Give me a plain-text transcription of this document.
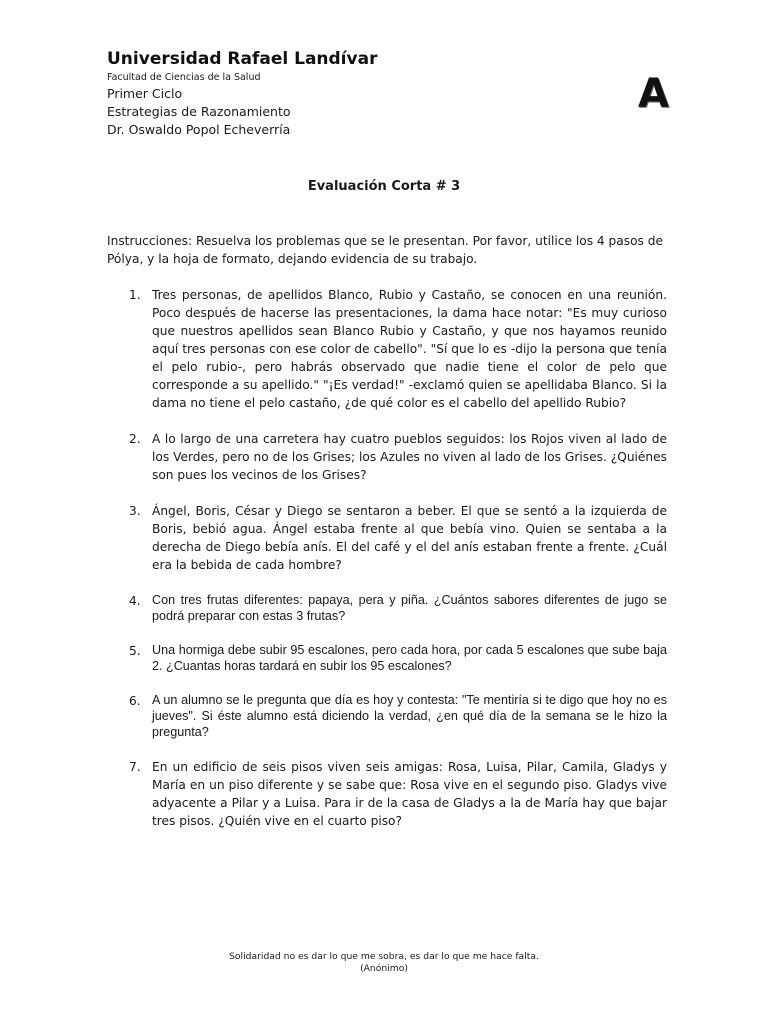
Universidad Rafael Landívar
Facultad de Ciencias de la Salud
Primer Ciclo
Estrategias de Razonamiento
Dr. Oswaldo Popol Echeverría
A
Evaluación Corta # 3

Instrucciones: Resuelva los problemas que se le presentan. Por favor, utilice los 4 pasos de Pólya, y la hoja de formato, dejando evidencia de su trabajo.

1. Tres personas, de apellidos Blanco, Rubio y Castaño, se conocen en una reunión. Poco después de hacerse las presentaciones, la dama hace notar: "Es muy curioso que nuestros apellidos sean Blanco Rubio y Castaño, y que nos hayamos reunido aquí tres personas con ese color de cabello". "Sí que lo es -dijo la persona que tenía el pelo rubio-, pero habrás observado que nadie tiene el color de pelo que corresponde a su apellido." "¡Es verdad!" -exclamó quien se apellidaba Blanco. Si la dama no tiene el pelo castaño, ¿de qué color es el cabello del apellido Rubio?
2. A lo largo de una carretera hay cuatro pueblos seguidos: los Rojos viven al lado de los Verdes, pero no de los Grises; los Azules no viven al lado de los Grises. ¿Quiénes son pues los vecinos de los Grises?
3. Ángel, Boris, César y Diego se sentaron a beber. El que se sentó a la izquierda de Boris, bebió agua. Ángel estaba frente al que bebía vino. Quien se sentaba a la derecha de Diego bebía anís. El del café y el del anís estaban frente a frente. ¿Cuál era la bebida de cada hombre?
4. Con tres frutas diferentes: papaya, pera y piña. ¿Cuántos sabores diferentes de jugo se podrá preparar con estas 3 frutas?
5. Una hormiga debe subir 95 escalones, pero cada hora, por cada 5 escalones que sube baja 2. ¿Cuantas horas tardará en subir los 95 escalones?
6. A un alumno se le pregunta que día es hoy y contesta: "Te mentiría si te digo que hoy no es jueves". Si éste alumno está diciendo la verdad, ¿en qué día de la semana se le hizo la pregunta?
7. En un edificio de seis pisos viven seis amigas: Rosa, Luisa, Pilar, Camila, Gladys y María en un piso diferente y se sabe que: Rosa vive en el segundo piso. Gladys vive adyacente a Pilar y a Luisa. Para ir de la casa de Gladys a la de María hay que bajar tres pisos. ¿Quién vive en el cuarto piso?
Solidaridad no es dar lo que me sobra, es dar lo que me hace falta.
(Anónimo)
